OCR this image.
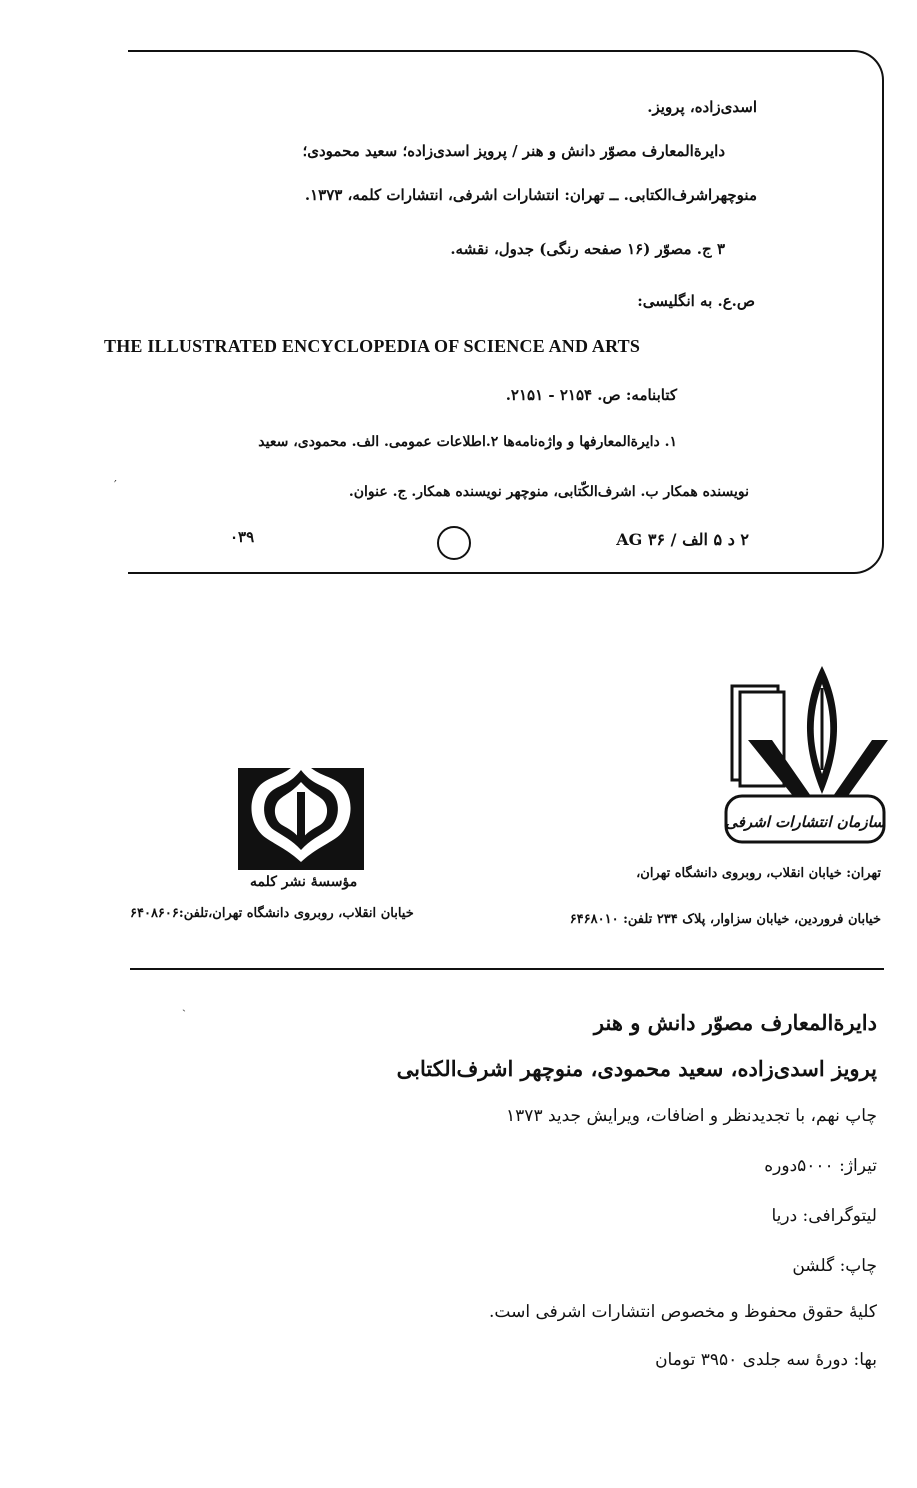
اسدی‌زاده، پرویز.
دایرة‌المعارف مصوّر دانش و هنر / پرویز اسدی‌زاده؛ سعید محمودی؛
منوچهراشرف‌الکتابی. ــ تهران: انتشارات اشرفی، انتشارات کلمه، ۱۳۷۳.
۳ ج. مصوّر (۱۶ صفحه رنگی) جدول، نقشه.
ص.ع. به انگلیسی:
THE ILLUSTRATED ENCYCLOPEDIA OF SCIENCE AND ARTS
کتابنامه: ص. ۲۱۵۴ - ۲۱۵۱.
۱. دایرةالمعارفها و واژه‌نامه‌ها ۲.اطلاعات عمومی. الف. محمودی، سعید
نویسنده همکار ب. اشرف‌الکّتابی، منوچهر نویسنده همکار. ج. عنوان.
۲ د ۵ الف / ۳۶ AG
۰۳۹
′
سازمان انتشارات اشرفی
مؤسسهٔ نشر کلمه
تهران: خیابان انقلاب، روبروی دانشگاه تهران،
خیابان فروردین، خیابان سزاوار، پلاک ۲۳۴ تلفن: ۶۴۶۸۰۱۰
خیابان انقلاب، روبروی دانشگاه تهران،تلفن:۶۴۰۸۶۰۶
ˎ
دایرةالمعارف مصوّر دانش و هنر
پرویز اسدی‌زاده، سعید محمودی، منوچهر اشرف‌الکتابی
چاپ نهم، با تجدیدنظر و اضافات، ویرایش جدید ۱۳۷۳
تیراژ: ۵۰۰۰دوره
لیتوگرافی: دریا
چاپ: گلشن
کلیهٔ حقوق محفوظ و مخصوص انتشارات اشرفی است.
بها: دورهٔ سه جلدی ۳۹۵۰ تومان
